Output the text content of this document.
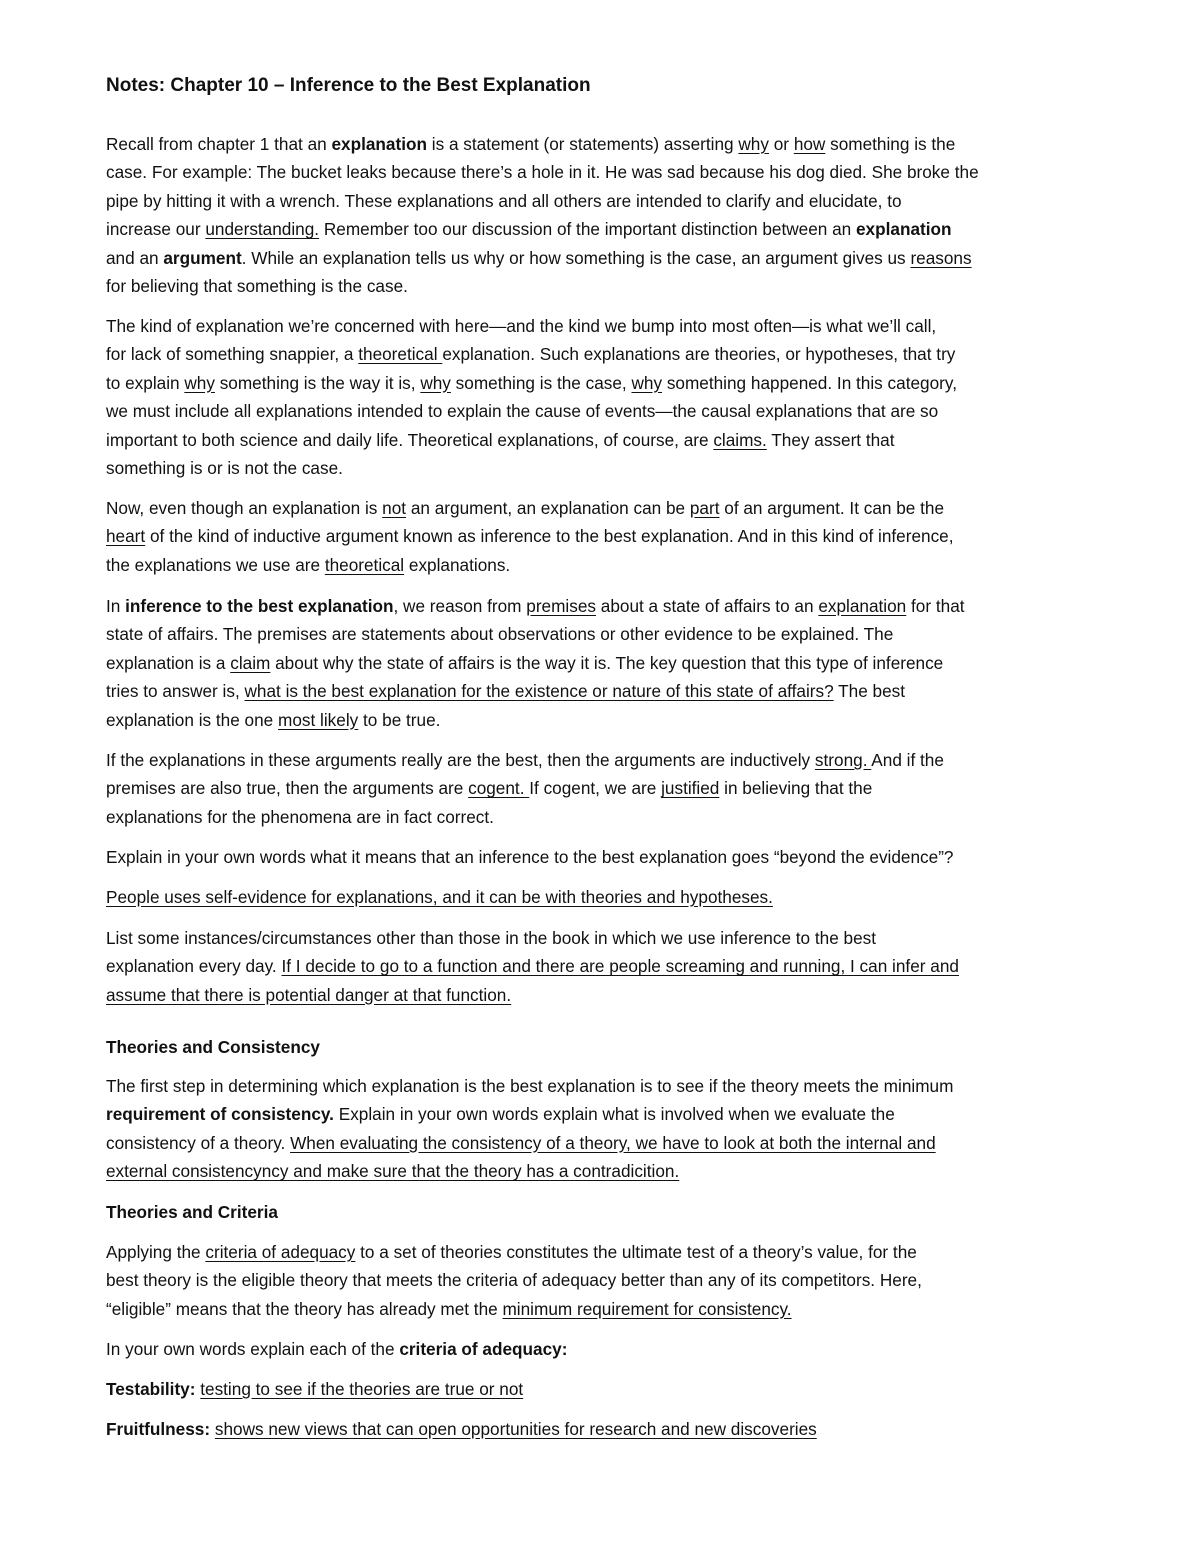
Notes: Chapter 10 – Inference to the Best Explanation
Recall from chapter 1 that an explanation is a statement (or statements) asserting why or how something is the
case. For example: The bucket leaks because there’s a hole in it. He was sad because his dog died. She broke the
pipe by hitting it with a wrench. These explanations and all others are intended to clarify and elucidate, to
increase our understanding. Remember too our discussion of the important distinction between an explanation
and an argument. While an explanation tells us why or how something is the case, an argument gives us reasons
for believing that something is the case.
The kind of explanation we’re concerned with here—and the kind we bump into most often—is what we’ll call,
for lack of something snappier, a theoretical explanation. Such explanations are theories, or hypotheses, that try
to explain why something is the way it is, why something is the case, why something happened. In this category,
we must include all explanations intended to explain the cause of events—the causal explanations that are so
important to both science and daily life. Theoretical explanations, of course, are claims. They assert that
something is or is not the case.
Now, even though an explanation is not an argument, an explanation can be part of an argument. It can be the
heart of the kind of inductive argument known as inference to the best explanation. And in this kind of inference,
the explanations we use are theoretical explanations.
In inference to the best explanation, we reason from premises about a state of affairs to an explanation for that
state of affairs. The premises are statements about observations or other evidence to be explained. The
explanation is a claim about why the state of affairs is the way it is. The key question that this type of inference
tries to answer is, what is the best explanation for the existence or nature of this state of affairs? The best
explanation is the one most likely to be true.
If the explanations in these arguments really are the best, then the arguments are inductively strong. And if the
premises are also true, then the arguments are cogent. If cogent, we are justified in believing that the
explanations for the phenomena are in fact correct.
Explain in your own words what it means that an inference to the best explanation goes “beyond the evidence”?
People uses self-evidence for explanations, and it can be with theories and hypotheses.
List some instances/circumstances other than those in the book in which we use inference to the best
explanation every day. If I decide to go to a function and there are people screaming and running, I can infer and
assume that there is potential danger at that function.
Theories and Consistency
The first step in determining which explanation is the best explanation is to see if the theory meets the minimum
requirement of consistency. Explain in your own words explain what is involved when we evaluate the
consistency of a theory. When evaluating the consistency of a theory, we have to look at both the internal and
external consistencyncy and make sure that the theory has a contradicition.
Theories and Criteria
Applying the criteria of adequacy to a set of theories constitutes the ultimate test of a theory’s value, for the
best theory is the eligible theory that meets the criteria of adequacy better than any of its competitors. Here,
“eligible” means that the theory has already met the minimum requirement for consistency.
In your own words explain each of the criteria of adequacy:
Testability: testing to see if the theories are true or not
Fruitfulness: shows new views that can open opportunities for research and new discoveries
